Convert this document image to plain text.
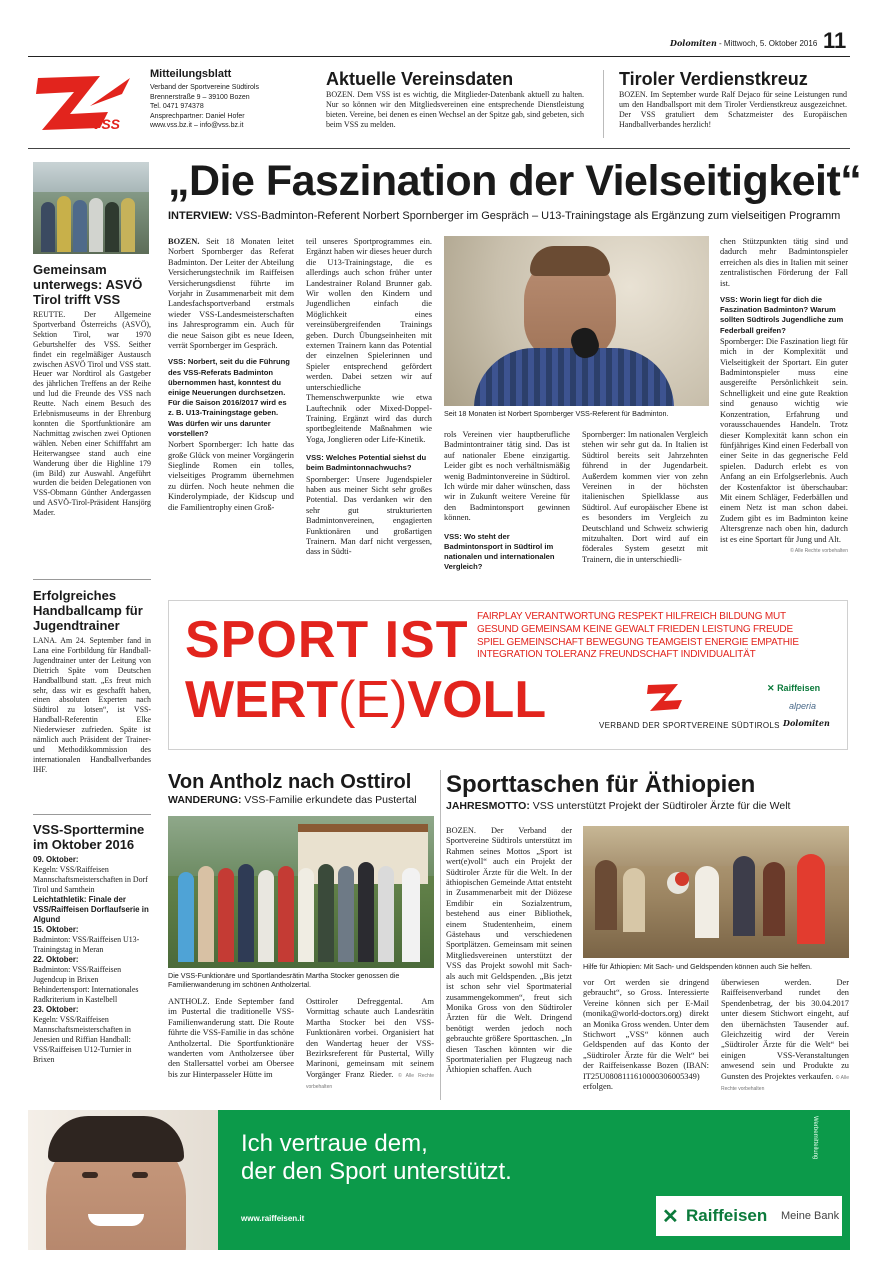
Dolomiten - Mittwoch, 5. Oktober 2016 11
VSS
Mitteilungsblatt
Verband der Sportvereine Südtirols
Brennerstraße 9 – 39100 Bozen
Tel. 0471 974378
Ansprechpartner: Daniel Hofer
www.vss.bz.it – info@vss.bz.it
Aktuelle Vereinsdaten
BOZEN. Dem VSS ist es wichtig, die Mitglieder-Datenbank aktuell zu halten. Nur so können wir den Mitgliedsvereinen eine entsprechende Dienstleistung bieten. Vereine, bei denen es einen Wechsel an der Spitze gab, sind gebeten, sich beim VSS zu melden.
Tiroler Verdienstkreuz
BOZEN. Im September wurde Ralf Dejaco für seine Leistungen rund um den Handballsport mit dem Tiroler Verdienstkreuz ausgezeichnet. Der VSS gratuliert dem Schatzmeister des Europäischen Handballverbandes herzlich!
Gemeinsam unterwegs: ASVÖ Tirol trifft VSS
REUTTE. Der Allgemeine Sportverband Österreichs (ASVÖ), Sektion Tirol, war 1970 Geburtshelfer des VSS. Seither findet ein regelmäßiger Austausch zwischen ASVÖ Tirol und VSS statt. Heuer war Nordtirol als Gastgeber des jährlichen Treffens an der Reihe und lud die Freunde des VSS nach Reutte. Nach einem Besuch des Erlebnismuseums in der Ehrenburg konnten die Sportfunktionäre am Nachmittag zwischen zwei Optionen wählen. Neben einer Schifffahrt am Heiterwangsee stand auch eine Wanderung über die Highline 179 (im Bild) zur Auswahl. Angeführt wurden die beiden Delegationen von VSS-Obmann Günther Andergassen und ASVÖ-Tirol-Präsident Hansjörg Mader.
Erfolgreiches Handballcamp für Jugendtrainer
LANA. Am 24. September fand in Lana eine Fortbildung für Handball-Jugendtrainer unter der Leitung von Dietrich Späte vom Deutschen Handballbund statt. „Es freut mich sehr, dass wir es geschafft haben, einen absoluten Experten nach Südtirol zu lotsen“, ist VSS-Handball-Referentin Elke Niederwieser zufrieden. Späte ist nämlich auch Präsident der Trainer- und Methodikkommission des internationalen Handballverbandes IHF.
VSS-Sporttermine im Oktober 2016
09. Oktober:
Kegeln: VSS/Raiffeisen Mannschaftsmeisterschaften in Dorf Tirol und Sarnthein
Leichtathletik: Finale der VSS/Raiffeisen Dorflaufserie in Algund
15. Oktober:
Badminton: VSS/Raiffeisen U13-Trainingstag in Meran
22. Oktober:
Badminton: VSS/Raiffeisen Jugendcup in Brixen Behindertensport: Internationales Radkriterium in Kastelbell
23. Oktober:
Kegeln: VSS/Raiffeisen Mannschaftsmeisterschaften in Jenesien und Riffian Handball: VSS/Raiffeisen U12-Turnier in Brixen
„Die Faszination der Vielseitigkeit“
INTERVIEW: VSS-Badminton-Referent Norbert Spornberger im Gespräch – U13-Trainingstage als Ergänzung zum vielseitigen Programm
BOZEN. Seit 18 Monaten leitet Norbert Spornberger das Referat Badminton. Der Leiter der Abteilung Versicherungstechnik im Raiffeisen Versicherungsdienst führte im Vorjahr in Zusammenarbeit mit dem Landesfachsportverband erstmals wieder VSS-Landesmeisterschaften ins Jahresprogramm ein. Auch für die neue Saison gibt es neue Ideen, verrät Spornberger im Gespräch.
VSS: Norbert, seit du die Führung des VSS-Referats Badminton übernommen hast, konntest du einige Neuerungen durchsetzen. Für die Saison 2016/2017 wird es z. B. U13-Trainingstage geben. Was dürfen wir uns darunter vorstellen?
Norbert Spornberger: Ich hatte das große Glück von meiner Vorgängerin Sieglinde Romen ein tolles, vielseitiges Programm übernehmen zu dürfen. Noch heute nehmen die Kinderolympiade, der Kidscup und die Familientrophy einen Groß-
teil unseres Sportprogrammes ein. Ergänzt haben wir dieses heuer durch die U13-Trainingstage, die es allerdings auch schon früher unter Landestrainer Roland Brunner gab. Wir wollen den Kindern und Jugendlichen einfach die Möglichkeit eines vereinsübergreifenden Trainings geben. Durch Übungseinheiten mit externen Trainern kann das Potential der einzelnen Spielerinnen und Spieler entsprechend gefördert werden. Dabei setzen wir auf unterschiedliche Themenschwerpunkte wie etwa Lauftechnik oder Mixed-Doppel-Training. Ergänzt wird das durch sportbegleitende Maßnahmen wie Yoga, Jonglieren oder Life-Kinetik.
VSS: Welches Potential siehst du beim Badmintonnachwuchs?
Spornberger: Unsere Jugendspieler haben aus meiner Sicht sehr großes Potential. Das verdanken wir den sehr gut strukturierten Badmintonvereinen, engagierten Funktionären und großartigen Trainern. Man darf nicht vergessen, dass in Südti-
Seit 18 Monaten ist Norbert Spornberger VSS-Referent für Badminton.
rols Vereinen vier hauptberufliche Badmintontrainer tätig sind. Das ist auf nationaler Ebene einzigartig. Leider gibt es noch verhältnismäßig wenig Badmintonvereine in Südtirol. Ich würde mir daher wünschen, dass wir in Zukunft weitere Vereine für den Badmintonsport gewinnen können.
VSS: Wo steht der Badmintonsport in Südtirol im nationalen und internationalen Vergleich?
Spornberger: Im nationalen Vergleich stehen wir sehr gut da. In Italien ist Südtirol bereits seit Jahrzehnten führend in der Jugendarbeit. Außerdem kommen vier von zehn Vereinen in der höchsten italienischen Spielklasse aus Südtirol. Auf europäischer Ebene ist es besonders im Vergleich zu Deutschland und Schweiz schwierig mitzuhalten. Dort wird auf ein föderales System gesetzt mit Trainern, die in unterschiedli-
chen Stützpunkten tätig sind und dadurch mehr Badmintonspieler erreichen als dies in Italien mit seiner zentralistischen Förderung der Fall ist.
VSS: Worin liegt für dich die Faszination Badminton? Warum sollten Südtirols Jugendliche zum Federball greifen?
Spornberger: Die Faszination liegt für mich in der Komplexität und Vielseitigkeit der Sportart. Ein guter Badmintonspieler muss eine ausgereifte Persönlichkeit sein. Schnelligkeit und eine gute Reaktion sind genauso wichtig wie Konzentration, Erfahrung und vorausschauendes Handeln. Trotz dieser Komplexität kann schon ein fünfjähriges Kind einen Federball von einer Seite in das gegnerische Feld spielen. Dadurch erlebt es von Anfang an ein Erfolgserlebnis. Auch der Kostenfaktor ist überschaubar: Mit einem Schläger, Federbällen und einem Netz ist man schon dabei. Zudem gibt es im Badminton keine Altersgrenze nach oben hin, dadurch ist es eine Sportart für Jung und Alt.
© Alle Rechte vorbehalten
SPORT IST
WERT(E)VOLL
FAIRPLAY VERANTWORTUNG RESPEKT HILFREICH BILDUNG MUT
GESUND GEMEINSAM KEINE GEWALT FRIEDEN LEISTUNG FREUDE
SPIEL GEMEINSCHAFT BEWEGUNG TEAMGEIST ENERGIE EMPATHIE
INTEGRATION TOLERANZ FREUNDSCHAFT INDIVIDUALITÄT
VERBAND DER SPORTVEREINE SÜDTIROLS
✕ Raiffeisen
alperia
Dolomiten
Von Antholz nach Osttirol
WANDERUNG: VSS-Familie erkundete das Pustertal
Die VSS-Funktionäre und Sportlandesrätin Martha Stocker genossen die Familienwanderung im schönen Antholzertal.
ANTHOLZ. Ende September fand im Pustertal die traditionelle VSS-Familienwanderung statt. Die Route führte die VSS-Familie in das schöne Antholzertal. Die Sportfunktionäre wanderten vom Antholzersee über den Stallersattel vorbei am Obersee bis zur Hinterpasseler Hütte im
Osttiroler Defreggental. Am Vormittag schaute auch Landesrätin Martha Stocker bei den VSS-Funktionären vorbei. Organisiert hat den Wandertag heuer der VSS-Bezirksreferent für Pustertal, Willy Marinoni, gemeinsam mit seinem Vorgänger Franz Rieder. © Alle Rechte vorbehalten
Sporttaschen für Äthiopien
JAHRESMOTTO: VSS unterstützt Projekt der Südtiroler Ärzte für die Welt
BOZEN. Der Verband der Sportvereine Südtirols unterstützt im Rahmen seines Mottos „Sport ist wert(e)voll“ auch ein Projekt der Südtiroler Ärzte für die Welt. In der äthiopischen Gemeinde Attat entsteht in Zusammenarbeit mit der Diözese Emdibir ein Sozialzentrum, bestehend aus einer Bibliothek, einem Studentenheim, einem Gästehaus und verschiedenen Sportplätzen. Gemeinsam mit seinen Mitgliedsvereinen unterstützt der VSS das Projekt sowohl mit Sach- als auch mit Geldspenden. „Bis jetzt ist schon sehr viel Sportmaterial zusammengekommen“, freut sich Monika Gross von den Südtiroler Ärzten für die Welt. Dringend benötigt werden jedoch noch gebrauchte größere Sporttaschen. „In diesen Taschen könnten wir die Sportmaterialien per Flugzeug nach Äthiopien schaffen. Auch
Hilfe für Äthiopien: Mit Sach- und Geldspenden können auch Sie helfen.
vor Ort werden sie dringend gebraucht“, so Gross. Interessierte Vereine können sich per E-Mail (monika@world-doctors.org) direkt an Monika Gross wenden. Unter dem Stichwort „VSS“ können auch Geldspenden auf das Konto der „Südtiroler Ärzte für die Welt“ bei der Raiffeisenkasse Bozen (IBAN: IT25U0808111610000306005349) erfolgen.
überwiesen werden. Der Raiffeisenverband rundet den Spendenbetrag, der bis 30.04.2017 unter diesem Stichwort eingeht, auf den übernächsten Tausender auf. Gleichzeitig wird der Verein „Südtiroler Ärzte für die Welt“ bei einigen VSS-Veranstaltungen anwesend sein und Produkte zu Gunsten des Projektes verkaufen. © Alle Rechte vorbehalten
Ich vertraue dem,
der den Sport unterstützt.
www.raiffeisen.it	✕ Raiffeisen Meine Bank
Werbemitteilung
